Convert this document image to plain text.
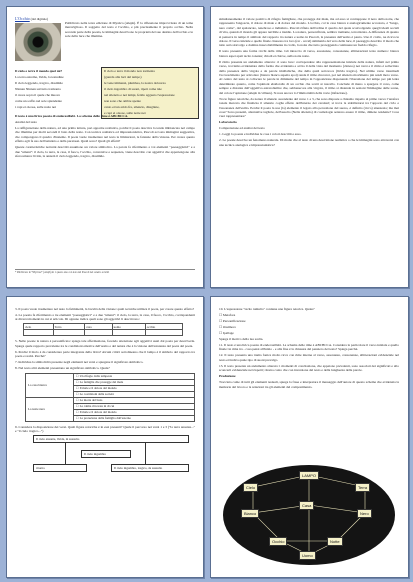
L'Occhio (dal digitale)
Pubblicato nella terza edizione di Mystica (Aleph). È la riflessione improvvisata di un tema meraviglioso. Il soggetto del testo è l'occhio, e più precisamente il proprio occhio. Nella seconda parte della poesia, le immagini descrivono le proprietà del suo destino dell'occhio e le sole della luce che illumina.

Il cielo e terra il mondo quel mi?

La terra estrema, livida, la testudine

Il cielo leggendo, tragico, dissimile

Ninnan Ninnan sul tutto tramonta

il cuore sopra il quale che muove

come un soffio nel sole splendente

i capi ei oleose, sulle notte nei

Il cielo e terra il mondo non tormenta

(guarda alle luci del tempo)

le vene immensi, plumbea, la nostra dolcezza

il cielo ingombro di suoni, ripeti come tale

nel silenzio e nei lampi, fetido agguato l'espressione

non sono che ombre spente

canto ed un arido fra, silenzio, ditegliete,

e capi ei oleose, sulle notte nei

Il testo è una lirica poesia di endecasillabi. La schema delle rime è ABCBCCA.

Analisi del testo

La raffigurazione della natura, ad una prima lettura, può apparire realistica, poiché il poeta descrive la tenda imbiancata nel campo che illumina per molti secondi il buio della notte. Con tecnica realistica ed impressionistica, Pascoli accosta immagini suggestive, che compongono il quadro d'insieme. Il poeta vuole trasmettere nel testo le limitazioni, le fantasie della visione. Per creare questo effetto egli fa uso dell'asindeto e della paratassi. Quali sono? Quali gli effetti?

Queste caratteristiche notturni descritti assumono un valore simbolico. La parola fa riferimento a voi elementi "paesaggistici" e a due "umani": il cielo, la terra, la casa, il fuoco, l'occhio, conversive e sequenza, viene descritto con aggettivi che appartengono alla sfera umana: livida, la ansietà il cielo leggendo, tragico, dissimile.

* Pubblicato in *Myricae* (Aleph) in 1 questo uno con nota del Pascoli nel sonetto ad altri

simultaneamente il valore positivo di rifugio famigliare, che protegge dal male, ma ad esso si contrappone il nero della notte, che rappresenta l'angoscia, il dolore di male e di dolore del mondo. L'occhio, col la casa bianca è analogicamente accostato, è "lungo, nero come", dal spalancato, tenebroso e indistinto. Pascoli rifiuta dell'ordine il quadro del quale sconvolgendo quegli ideali sociali di vita, quando il mondo gli appare terribile e insidio. La natura, personificata, sembra tremante, terrorizzata. A differenza di quanto si pensava in tempo il simbolo del rapporto tra natura e uomo in Pascoli, la presenza dell'uomo è paura. Uno il crollo, ne ricava le dolore. Il verso iniziale e quello finale cinesono tra loro (rar - uccel) simmetria del vero della luce, il paesaggio descritto il modo che tutto sarà stravolgo e domina inascoltabilmente in crollo, la notte che tutto proteggendo continuare un freddo rifugio.

Il testo presenta una forma ricchi della rime. Gli intreccio di verso, assonanze, consonanze, allitterazioni terzo numero: bianca bianca aspet apsit tacito tonante; chiodi ei chiove, sulla notte notte.

Il ritmo presenta un andamento alterato: ci sono luce: corrispondere alla rappresentazione iniziale della natura, infatti nel primo verso, troviamo evidenziata dalla forma che evidenzia e ad ha il della vista del momento (cinteso) nei versi e il ritmo è sollecitato dalla presenza della virgola e da parole trisillabiche, che della quali sottovoce (livida tragico). Nel ultimo verso intermedi l'accrescimento per articolare (bianca bianca aspetta apol) rende il ritmo rincorrer, poi nel silenzio movimento più rendi moto verso. Al centro del testo si collocare le parole in diminuire del tempo in l'opposizione disponendo l'iberazione del tempo per più lenta determinato quanto, come l'opinioni elsidorallo di un occhio che scatti ai ruscello. Conclude di meno a spargere il cono, come sempre e distante dall'oggettiva estrarobuilire che, sebbenecore alla virgola, il ritmo si distende in sezioni l'immagine delle scene, del colore l'opinione (Aleph in villaun). Si nota ancora lo l'immortalità della vorte (infrazione).

Tra le figure retoriche, da notare il silenzio ascendente del verso 1 e 3, che sono disposte a chiasmo rispetto al primo verso: l'anafora tonale marcata che finalizza il silenzio coglie effetto dell'interno dei caratteri; si trova la stabilizzarsi tra l'apporto del ciclo e l'assonanza dell'esilio. Perché il poeta la usa (la) elemento il legato alla percezione del suono, è definito (ricco) sinestesia; ma mai cosa? Sono presenti, alternative tagliole, dell'assolto (Nelle silenzio) di cosmologie sentono essere il ritmo, dimeno tendente? Cosa vuoi rappresentare?

Laboratorio

Comprensione ed analisi del testo

1. Leggi la poesia e individua le cose i colori descritti e esso.

2. Le poesie descrive un fenomeno naturale. Di molte che al testo di una descrizione realistica o che le immagini sono attraversi con una tecnica analogica e impressionistica?

3. Il poeta vuole trasmettere nel testo la fulmineità, la brevità della visione: quali tecniche utilizza il poeta, per creare questo effetto?

4. La poesia fa riferimento a tre elementi "paesaggistici" e a due "umani": il cielo, la terra, la casa, il fuoco, l'occhio, corrispondenti ai diversi momenti in cui si articola. Di ognuno indica quali sono gli aggettivi li descrivono:

cielo	Terra	casa	uomo	occhio

5. Nelle poesie la natura è personificata: spiega tale affermazione, facendo attenzione agli aggettivi usati dal poeta per descriverla. Spiega quale rapporto prevalente tra le condizioni emotive dell'uomo e del natura che è la visione dell'esistenza del poeta del poeta.

6. Perché il titolo è da considerare parte integrante della lirica? Alcuni critici sottolineano che il lampo è il simbolo del rapporto tra poeta e realtà. Perché?

7. Individua la simbolicità presente negli elementi nei versi e spiegane il significato simbolico.

8. Nel testo altri elementi presentano un significato simbolico. Quale?

La casa bianca	☐ Un rifugio dalla tempesta
	☐ La famiglia che protegge dal male
	☐ Il male e il dolore del mondo
	☐ Le costrizioni della società
La notte nera	☐ La morte del buio
	☐ La calma ritrovata in di cui
	☐ Il male e il dolore del mondo
	☐ La protezione della famiglia dall'esterno

9. Considera la disposizione dei versi. Quali figure retoriche è in essi presenti? Quale il percorso nei versi 1 e 3 ("la terra ansante..." e "il cielo tragico...")

Il cielo ansante, livida, in sussulto
Il cielo ingombro
ritorna	Il cielo ingombro, tragico, da sussulto

10. L'espressione "tacito tumulto" contiene una figura retorica. Quale?

☐ Metafora

☐ Personificazione

☐ Ossimoro

☐ Ipallage

Spiega il motivo della tua scelta.

11. Il testo è una lirica poesia di endecasillabi. La schema delle rime è ABCBCCA. Considera la particolare il verso iniziale e quello finale: in rima tra - cosa pensi all'inizio - e alla fine è la chiusura del pensiero del testo? Spiega perché.

12. Il testo presenta una trama fonica molto ricca con rime interne al verso, assonanze, consonanze, allitterazioni evidenziale nel testo ed indica quale tipo di suoni prevalgo.

13. Il testo presenta un andamento alterato: i momenti di concitazione, che appaiono prevalenti, sono associati dei significati e allo sconcerti evidenziale nel rispetti; ritorna conto che con inversione del testo e della lunghezza delle parole.

Produzione

Tracciata come di tutti gli elementi testuali, spiega la frase e interpretare il messaggio dell'autore di questo schema che evidenzia la memoria del lavoro e la relazioni tra gli elementi del componimento.

LAMPO
Cielo	Terra
Casa
Bianco	Nero
Occhio	Notte
Uomo
